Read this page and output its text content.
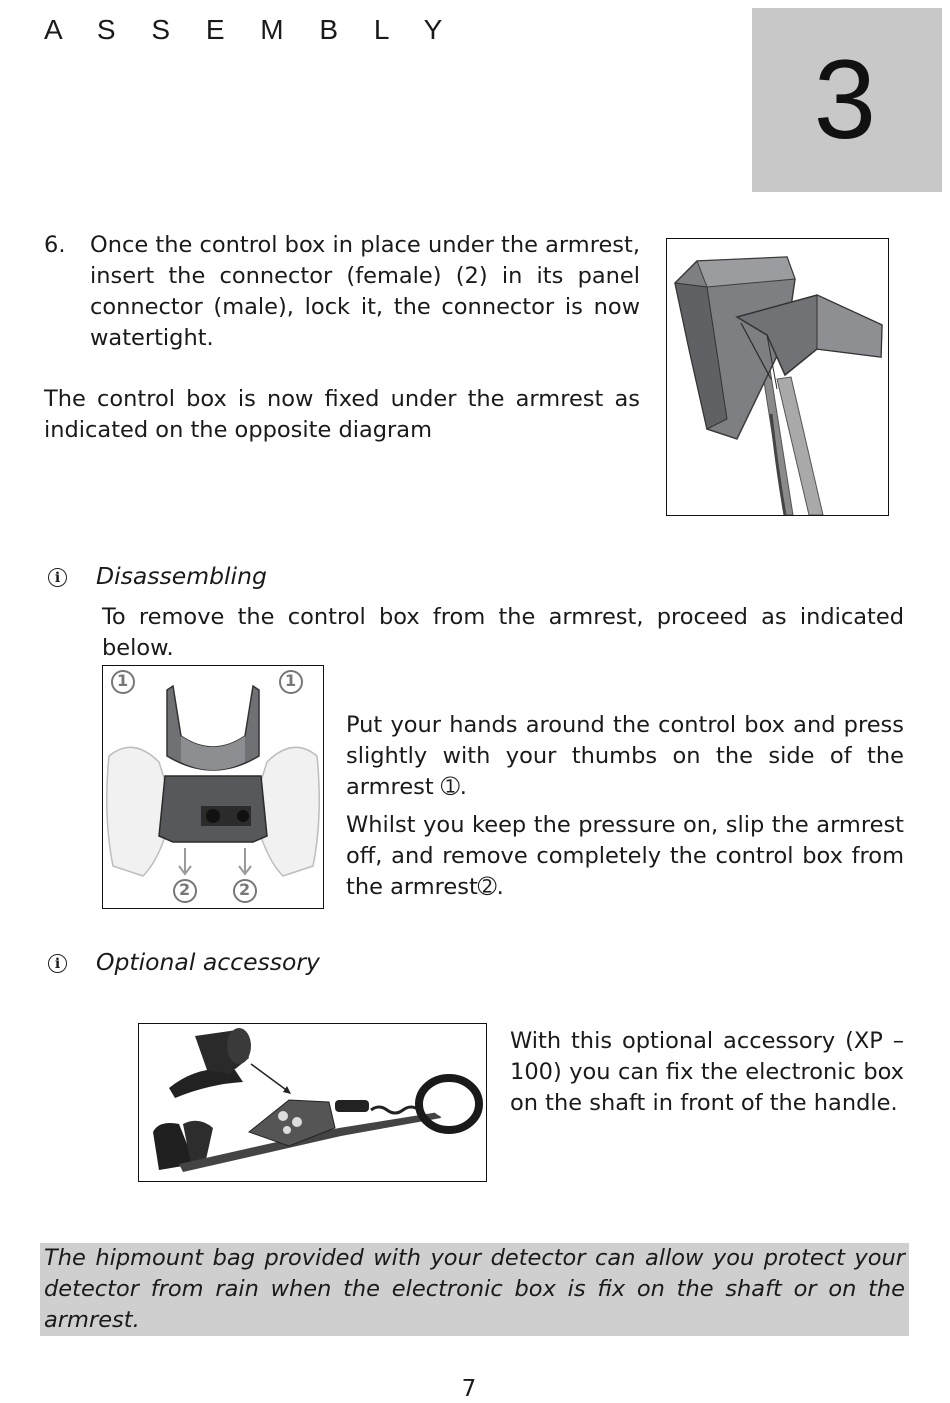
A S S E M B L Y
3
6. Once the control box in place under the armrest, insert the connector (female) (2) in its panel connector (male), lock it, the connector is now watertight.

The control box is now fixed under the armrest as indicated on the opposite diagram

i Disassembling

To remove the control box from the armrest, proceed as indicated below.

1	1
2	2

Put your hands around the control box and press slightly with your thumbs on the side of the armrest ➀.

Whilst you keep the pressure on, slip the armrest off, and remove completely the control box from the armrest➁.

i Optional accessory

With this optional accessory (XP – 100) you can fix the electronic box on the shaft in front of the handle.

The hipmount bag provided with your detector can allow you protect your detector from rain when the electronic box is fix on the shaft or on the armrest.

7
